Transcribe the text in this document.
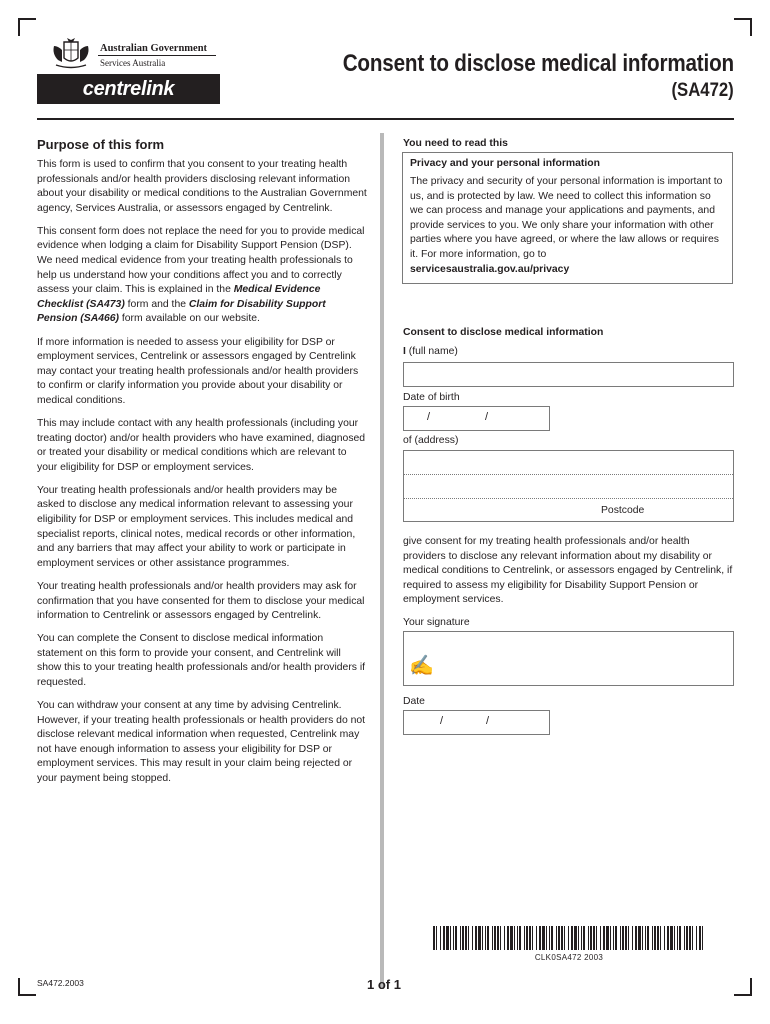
Australian Government
Services Australia
centrelink
Consent to disclose medical information
(SA472)
Purpose of this form

This form is used to confirm that you consent to your treating health professionals and/or health providers disclosing relevant information about your disability or medical conditions to the Australian Government agency, Services Australia, or assessors engaged by Centrelink.

This consent form does not replace the need for you to provide medical evidence when lodging a claim for Disability Support Pension (DSP). We need medical evidence from your treating health professionals to help us understand how your conditions affect you and to correctly assess your claim. This is explained in the Medical Evidence Checklist (SA473) form and the Claim for Disability Support Pension (SA466) form available on our website.

If more information is needed to assess your eligibility for DSP or employment services, Centrelink or assessors engaged by Centrelink may contact your treating health professionals and/or health providers to confirm or clarify information you provide about your disability or medical conditions.

This may include contact with any health professionals (including your treating doctor) and/or health providers who have examined, diagnosed or treated your disability or medical conditions which are relevant to your eligibility for DSP or employment services.

Your treating health professionals and/or health providers may be asked to disclose any medical information relevant to assessing your eligibility for DSP or employment services. This includes medical and specialist reports, clinical notes, medical records or other information, and any barriers that may affect your ability to work or participate in employment services or other assistance programmes.

Your treating health professionals and/or health providers may ask for confirmation that you have consented for them to disclose your medical information to Centrelink or assessors engaged by Centrelink.

You can complete the Consent to disclose medical information statement on this form to provide your consent, and Centrelink will show this to your treating health professionals and/or health providers if requested.

You can withdraw your consent at any time by advising Centrelink. However, if your treating health professionals or health providers do not disclose relevant medical information when requested, Centrelink may not have enough information to assess your eligibility for DSP or employment services. This may result in your claim being rejected or your payment being stopped.

You need to read this
Privacy and your personal information

The privacy and security of your personal information is important to us, and is protected by law. We need to collect this information so we can process and manage your applications and payments, and provide services to you. We only share your information with other parties where you have agreed, or where the law allows or requires it. For more information, go to

servicesaustralia.gov.au/privacy

Consent to disclose medical information
I (full name)
Date of birth
/	/
of (address)
Postcode
give consent for my treating health professionals and/or health providers to disclose any relevant information about my disability or medical conditions to Centrelink, or assessors engaged by Centrelink, if required to assess my eligibility for Disability Support Pension or employment services.
Your signature
✍
Date
/	/
CLK0SA472 2003
SA472.2003	1 of 1
